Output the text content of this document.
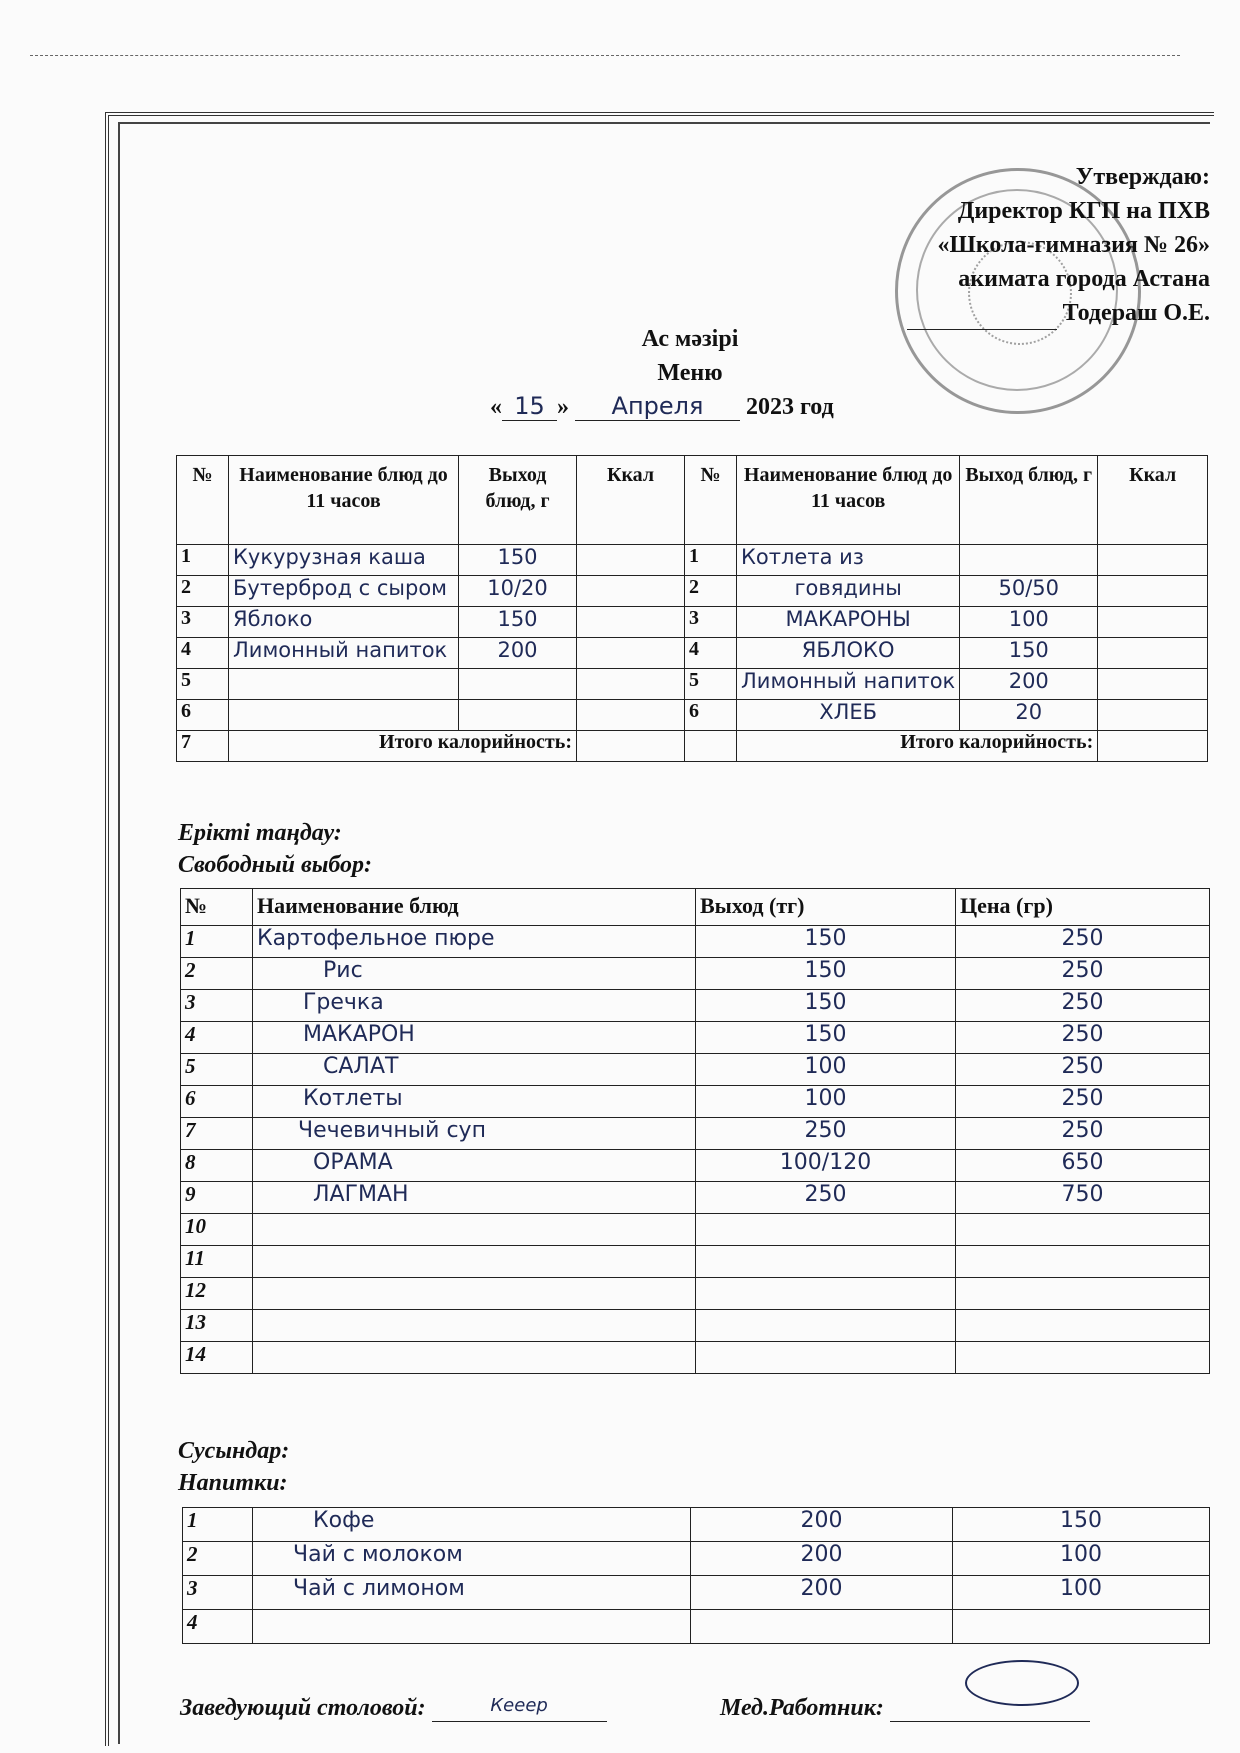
Утверждаю:
Директор КГП на ПХВ
«Школа-гимназия № 26»
акимата города Астана
Тодераш О.Е.
Ас мәзірі
Меню
« 15 » Апреля 2023 год
№	Наименование блюд до 11 часов	Выход блюд, г	Ккал	№	Наименование блюд до 11 часов	Выход блюд, г	Ккал
1	Кукурузная каша	150		1	Котлета из		
2	Бутерброд с сыром	10/20		2	говядины	50/50	
3	Яблоко	150		3	МАКАРОНЫ	100	
4	Лимонный напиток	200		4	ЯБЛОКО	150	
5				5	Лимонный напиток	200	
6				6	ХЛЕБ	20	
7	Итого калорийность:				Итого калорийность:		
Ерікті таңдау:
Свободный выбор:
№	Наименование блюд	Выход (тг)	Цена (гр)
1	Картофельное пюре	150	250
2	Рис	150	250
3	Гречка	150	250
4	МАКАРОН	150	250
5	САЛАТ	100	250
6	Котлеты	100	250
7	Чечевичный суп	250	250
8	ОРАМА	100/120	650
9	ЛАГМАН	250	750
10			
11			
12			
13			
14			
Сусындар:
Напитки:
1	Кофе	200	150
2	Чай с молоком	200	100
3	Чай с лимоном	200	100
4			
Заведующий столовой:	Кееер	Мед.Работник:
